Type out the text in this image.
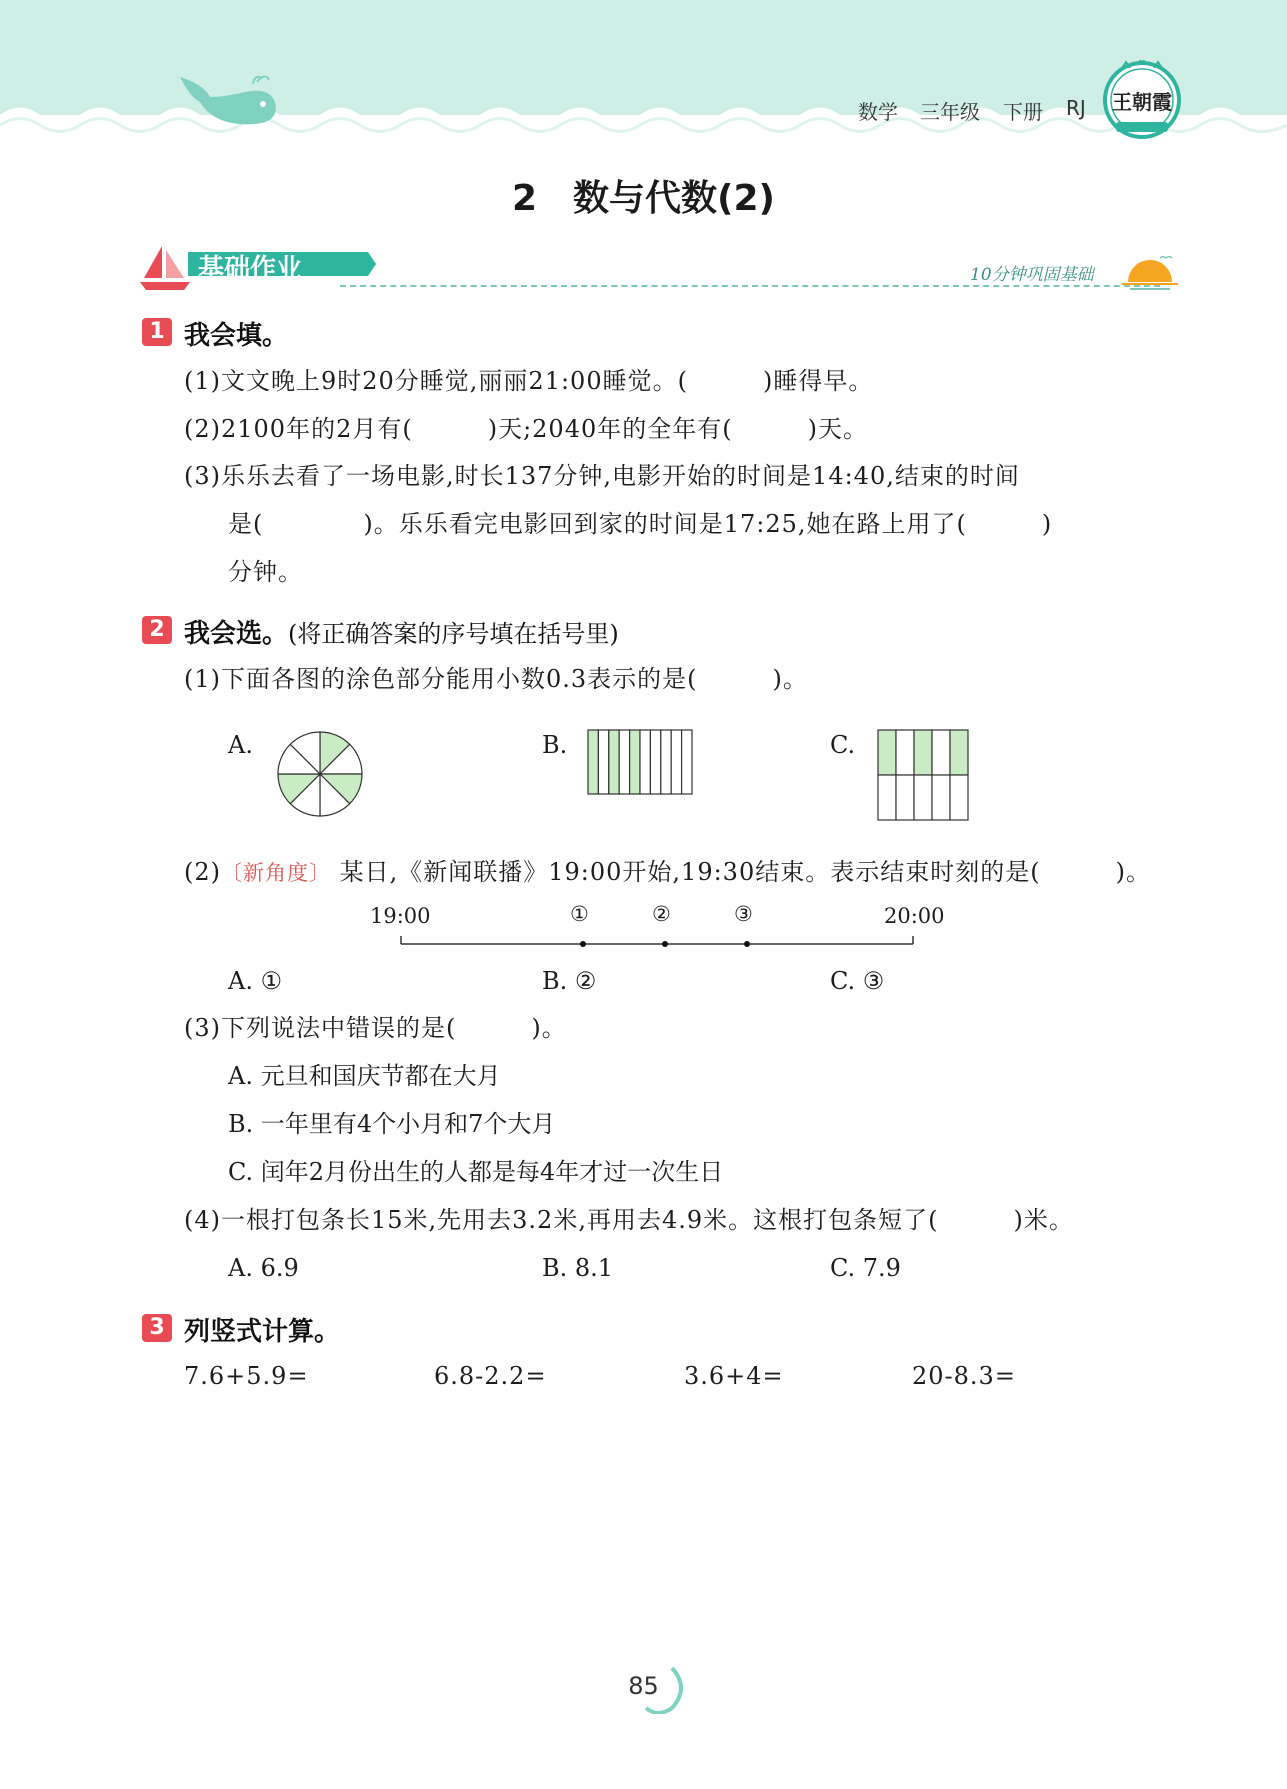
数学 三年级 下册 RJ	王朝霞
2　数与代数(2)
基础作业	10分钟巩固基础
1 我会填。
(1)文文晚上9时20分睡觉,丽丽21:00睡觉。(　　　)睡得早。
(2)2100年的2月有(　　　)天;2040年的全年有(　　　)天。
(3)乐乐去看了一场电影,时长137分钟,电影开始的时间是14:40,结束的时间
是(　　　　)。乐乐看完电影回到家的时间是17:25,她在路上用了(　　　)
分钟。
2 我会选。(将正确答案的序号填在括号里)
(1)下面各图的涂色部分能用小数0.3表示的是(　　　)。
A.	B.	C.
(2)〔新角度〕 某日,《新闻联播》19:00开始,19:30结束。表示结束时刻的是(　　　)。
19:00	20:00
①	②	③
A. ①	B. ②	C. ③
(3)下列说法中错误的是(　　　)。
A. 元旦和国庆节都在大月
B. 一年里有4个小月和7个大月
C. 闰年2月份出生的人都是每4年才过一次生日
(4)一根打包条长15米,先用去3.2米,再用去4.9米。这根打包条短了(　　　)米。
A. 6.9	B. 8.1	C. 7.9
3 列竖式计算。
7.6+5.9=	6.8-2.2=	3.6+4=	20-8.3=
85
